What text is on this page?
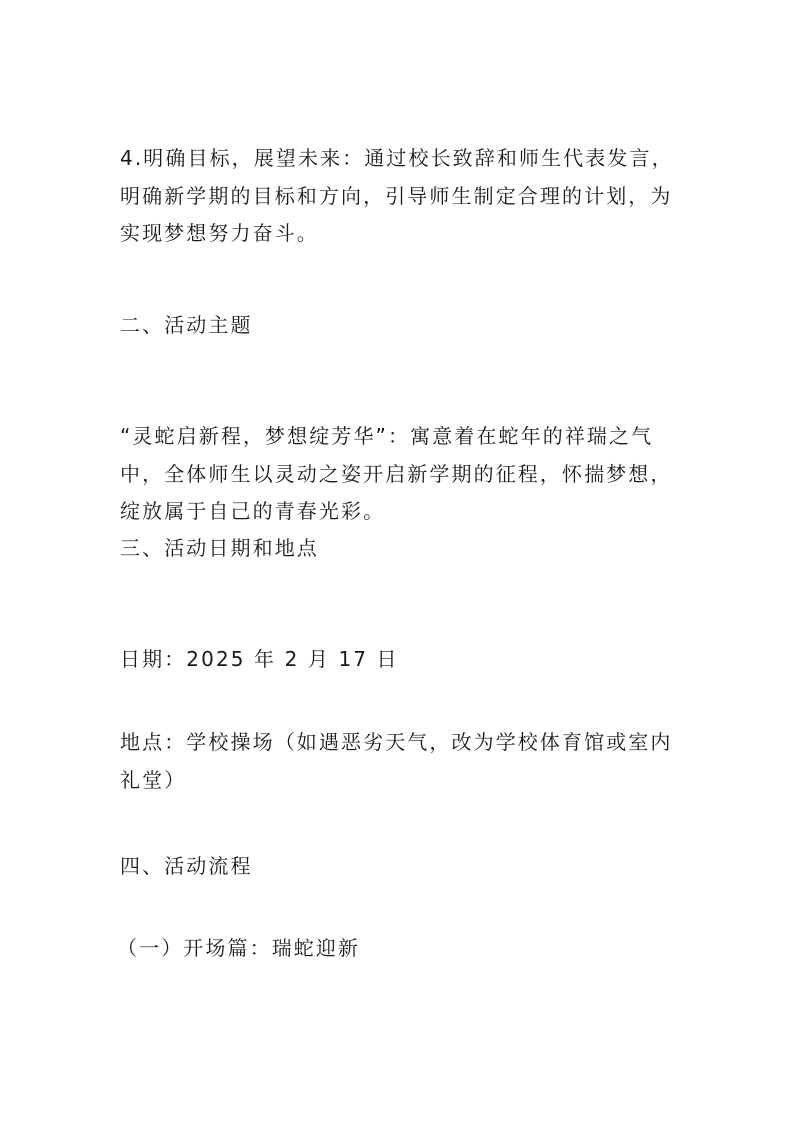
4.明确目标，展望未来：通过校长致辞和师生代表发言，明确新学期的目标和方向，引导师生制定合理的计划，为实现梦想努力奋斗。

二、活动主题

“灵蛇启新程，梦想绽芳华”：寓意着在蛇年的祥瑞之气中，全体师生以灵动之姿开启新学期的征程，怀揣梦想，绽放属于自己的青春光彩。

三、活动日期和地点

日期：2025 年 2 月 17 日

地点：学校操场（如遇恶劣天气，改为学校体育馆或室内礼堂）

四、活动流程

（一）开场篇：瑞蛇迎新
